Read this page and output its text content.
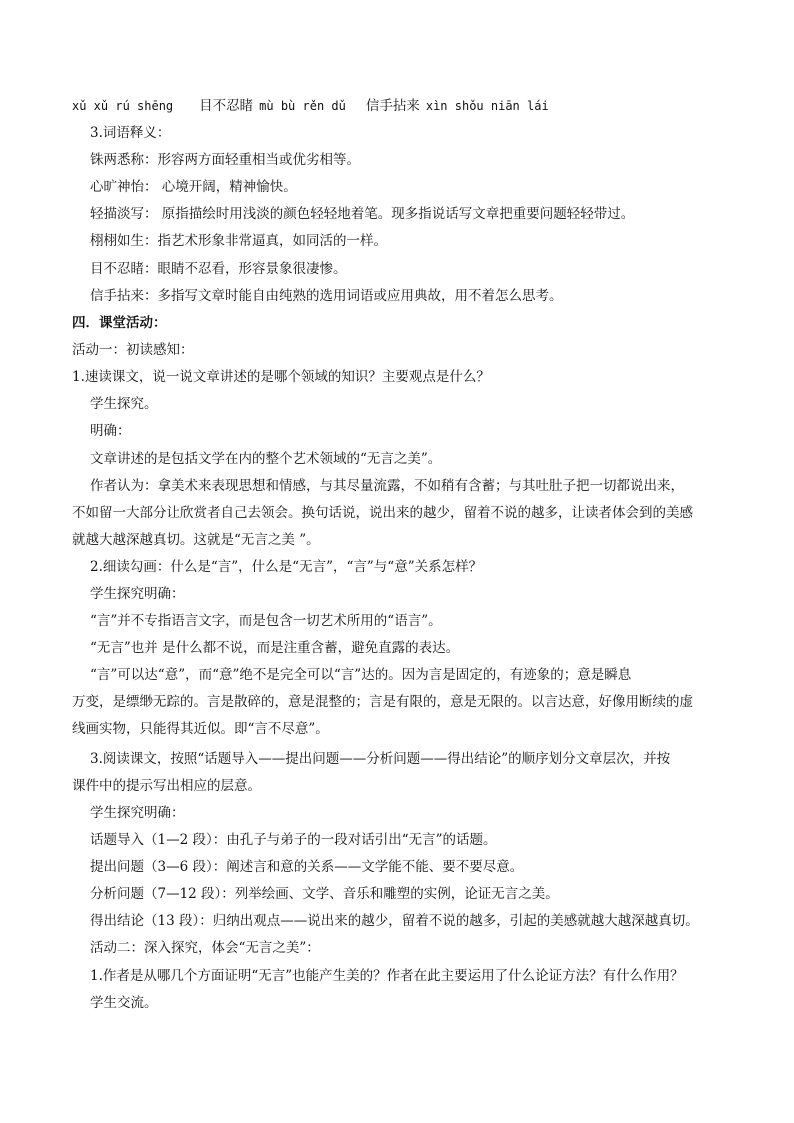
xǔ xǔ rú shēng 目不忍睹 mù bù rěn dǔ 信手拈来 xìn shǒu niān lái
3.词语释义：
铢两悉称：形容两方面轻重相当或优劣相等。
心旷神怡： 心境开阔，精神愉快。
轻描淡写： 原指描绘时用浅淡的颜色轻轻地着笔。现多指说话写文章把重要问题轻轻带过。
栩栩如生：指艺术形象非常逼真，如同活的一样。
目不忍睹：眼睛不忍看，形容景象很凄惨。
信手拈来：多指写文章时能自由纯熟的选用词语或应用典故，用不着怎么思考。
四．课堂活动：
活动一：初读感知：
1.速读课文，说一说文章讲述的是哪个领域的知识？主要观点是什么？
学生探究。
明确：
文章讲述的是包括文学在内的整个艺术领域的“无言之美”。
作者认为：拿美术来表现思想和情感，与其尽量流露，不如稍有含蓄；与其吐肚子把一切都说出来，
不如留一大部分让欣赏者自己去领会。换句话说，说出来的越少，留着不说的越多，让读者体会到的美感
就越大越深越真切。这就是“无言之美 ”。
2.细读勾画：什么是“言”，什么是“无言”，“言”与“意”关系怎样？
学生探究明确：
“言”并不专指语言文字，而是包含一切艺术所用的“语言”。
“无言”也并 是什么都不说，而是注重含蓄，避免直露的表达。
“言”可以达“意”，而“意”绝不是完全可以“言”达的。因为言是固定的，有迹象的；意是瞬息
万变，是缥缈无踪的。言是散碎的，意是混整的；言是有限的，意是无限的。以言达意，好像用断续的虚
线画实物，只能得其近似。即“言不尽意”。
3.阅读课文，按照“话题导入——提出问题——分析问题——得出结论”的顺序划分文章层次，并按
课件中的提示写出相应的层意。
学生探究明确：
话题导入（1—2 段）：由孔子与弟子的一段对话引出“无言”的话题。
提出问题（3—6 段）：阐述言和意的关系——文学能不能、要不要尽意。
分析问题（7—12 段）：列举绘画、文学、音乐和雕塑的实例，论证无言之美。
得出结论（13 段）：归纳出观点——说出来的越少，留着不说的越多，引起的美感就越大越深越真切。
活动二：深入探究，体会“无言之美”：
1.作者是从哪几个方面证明“无言”也能产生美的？作者在此主要运用了什么论证方法？有什么作用？
学生交流。
